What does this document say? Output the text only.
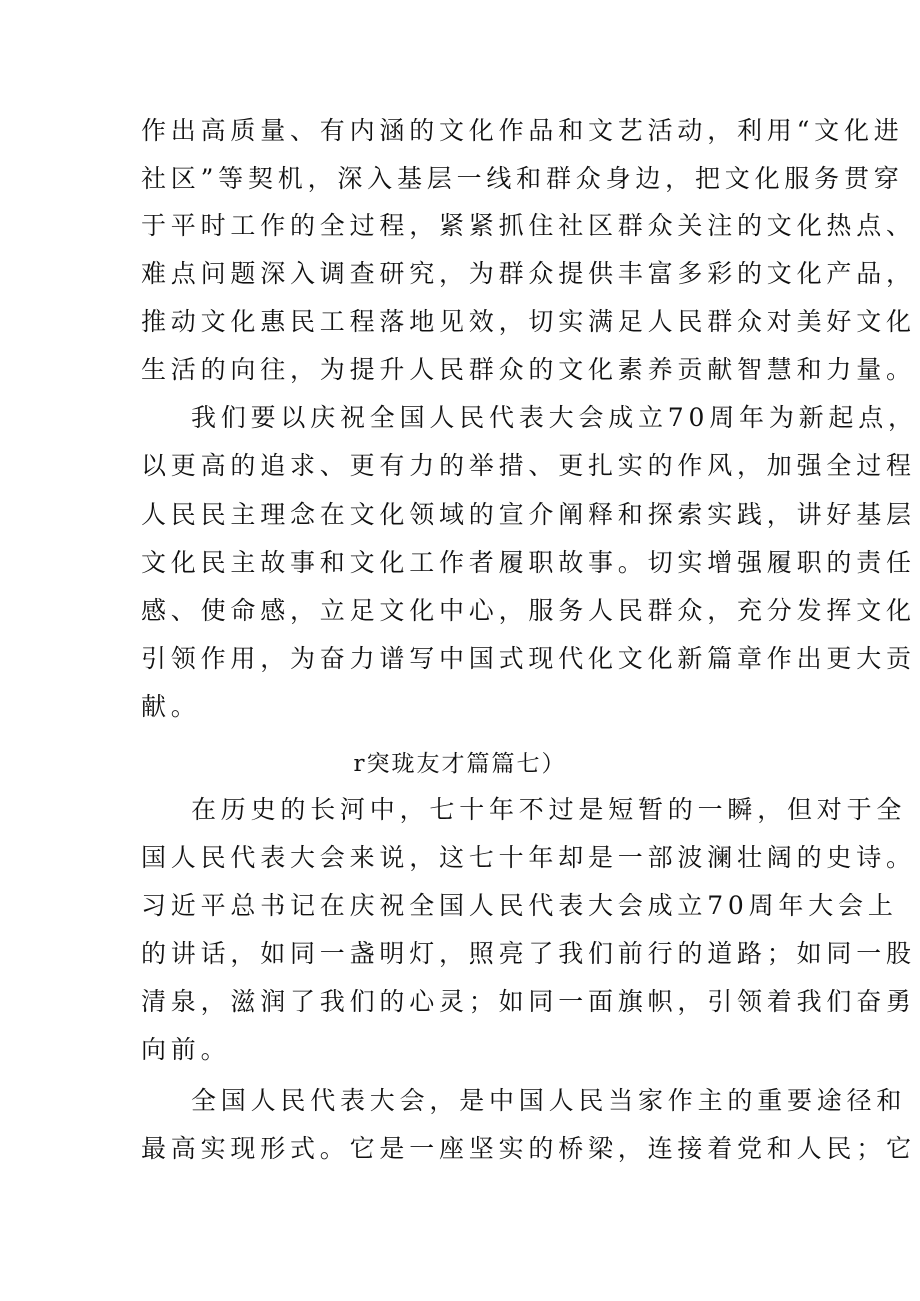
作出高质量、有内涵的文化作品和文艺活动，利用“文化进
社区”等契机，深入基层一线和群众身边，把文化服务贯穿
于平时工作的全过程，紧紧抓住社区群众关注的文化热点、
难点问题深入调查研究，为群众提供丰富多彩的文化产品，
推动文化惠民工程落地见效，切实满足人民群众对美好文化
生活的向往，为提升人民群众的文化素养贡献智慧和力量。
我们要以庆祝全国人民代表大会成立70周年为新起点，
以更高的追求、更有力的举措、更扎实的作风，加强全过程
人民民主理念在文化领域的宣介阐释和探索实践，讲好基层
文化民主故事和文化工作者履职故事。切实增强履职的责任
感、使命感，立足文化中心，服务人民群众，充分发挥文化
引领作用，为奋力谱写中国式现代化文化新篇章作出更大贡
献。
r突珑友才篇篇七）
在历史的长河中，七十年不过是短暂的一瞬，但对于全
国人民代表大会来说，这七十年却是一部波澜壮阔的史诗。
习近平总书记在庆祝全国人民代表大会成立70周年大会上
的讲话，如同一盏明灯，照亮了我们前行的道路；如同一股
清泉，滋润了我们的心灵；如同一面旗帜，引领着我们奋勇
向前。
全国人民代表大会，是中国人民当家作主的重要途径和
最高实现形式。它是一座坚实的桥梁，连接着党和人民；它
